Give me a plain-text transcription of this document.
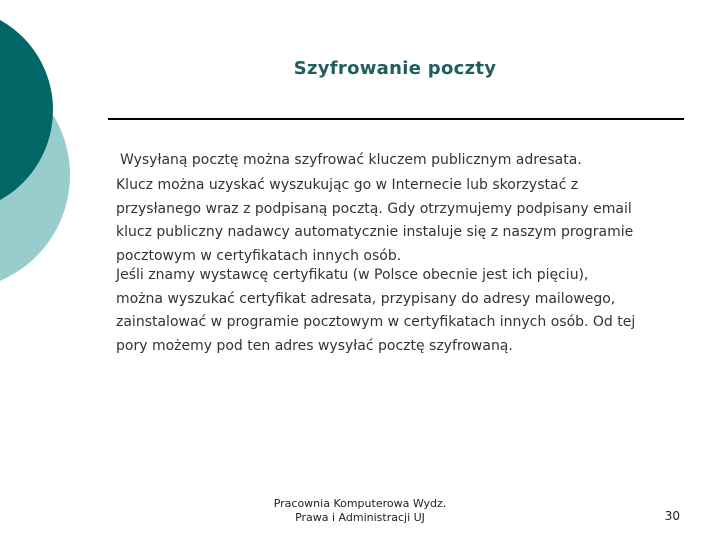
Szyfrowanie poczty

Wysyłaną pocztę można szyfrować kluczem publicznym adresata.

Klucz można uzyskać wyszukując go w Internecie lub skorzystać z
przysłanego wraz z podpisaną pocztą. Gdy otrzymujemy podpisany email
klucz publiczny nadawcy automatycznie instaluje się z naszym programie
pocztowym w certyfikatach innych osób.

Jeśli znamy wystawcę certyfikatu (w Polsce obecnie jest ich pięciu),
można wyszukać certyfikat adresata, przypisany do adresy mailowego,
zainstalować w programie pocztowym w certyfikatach innych osób. Od tej
pory możemy pod ten adres wysyłać pocztę szyfrowaną.

Pracownia Komputerowa Wydz.
Prawa i Administracji UJ	30
